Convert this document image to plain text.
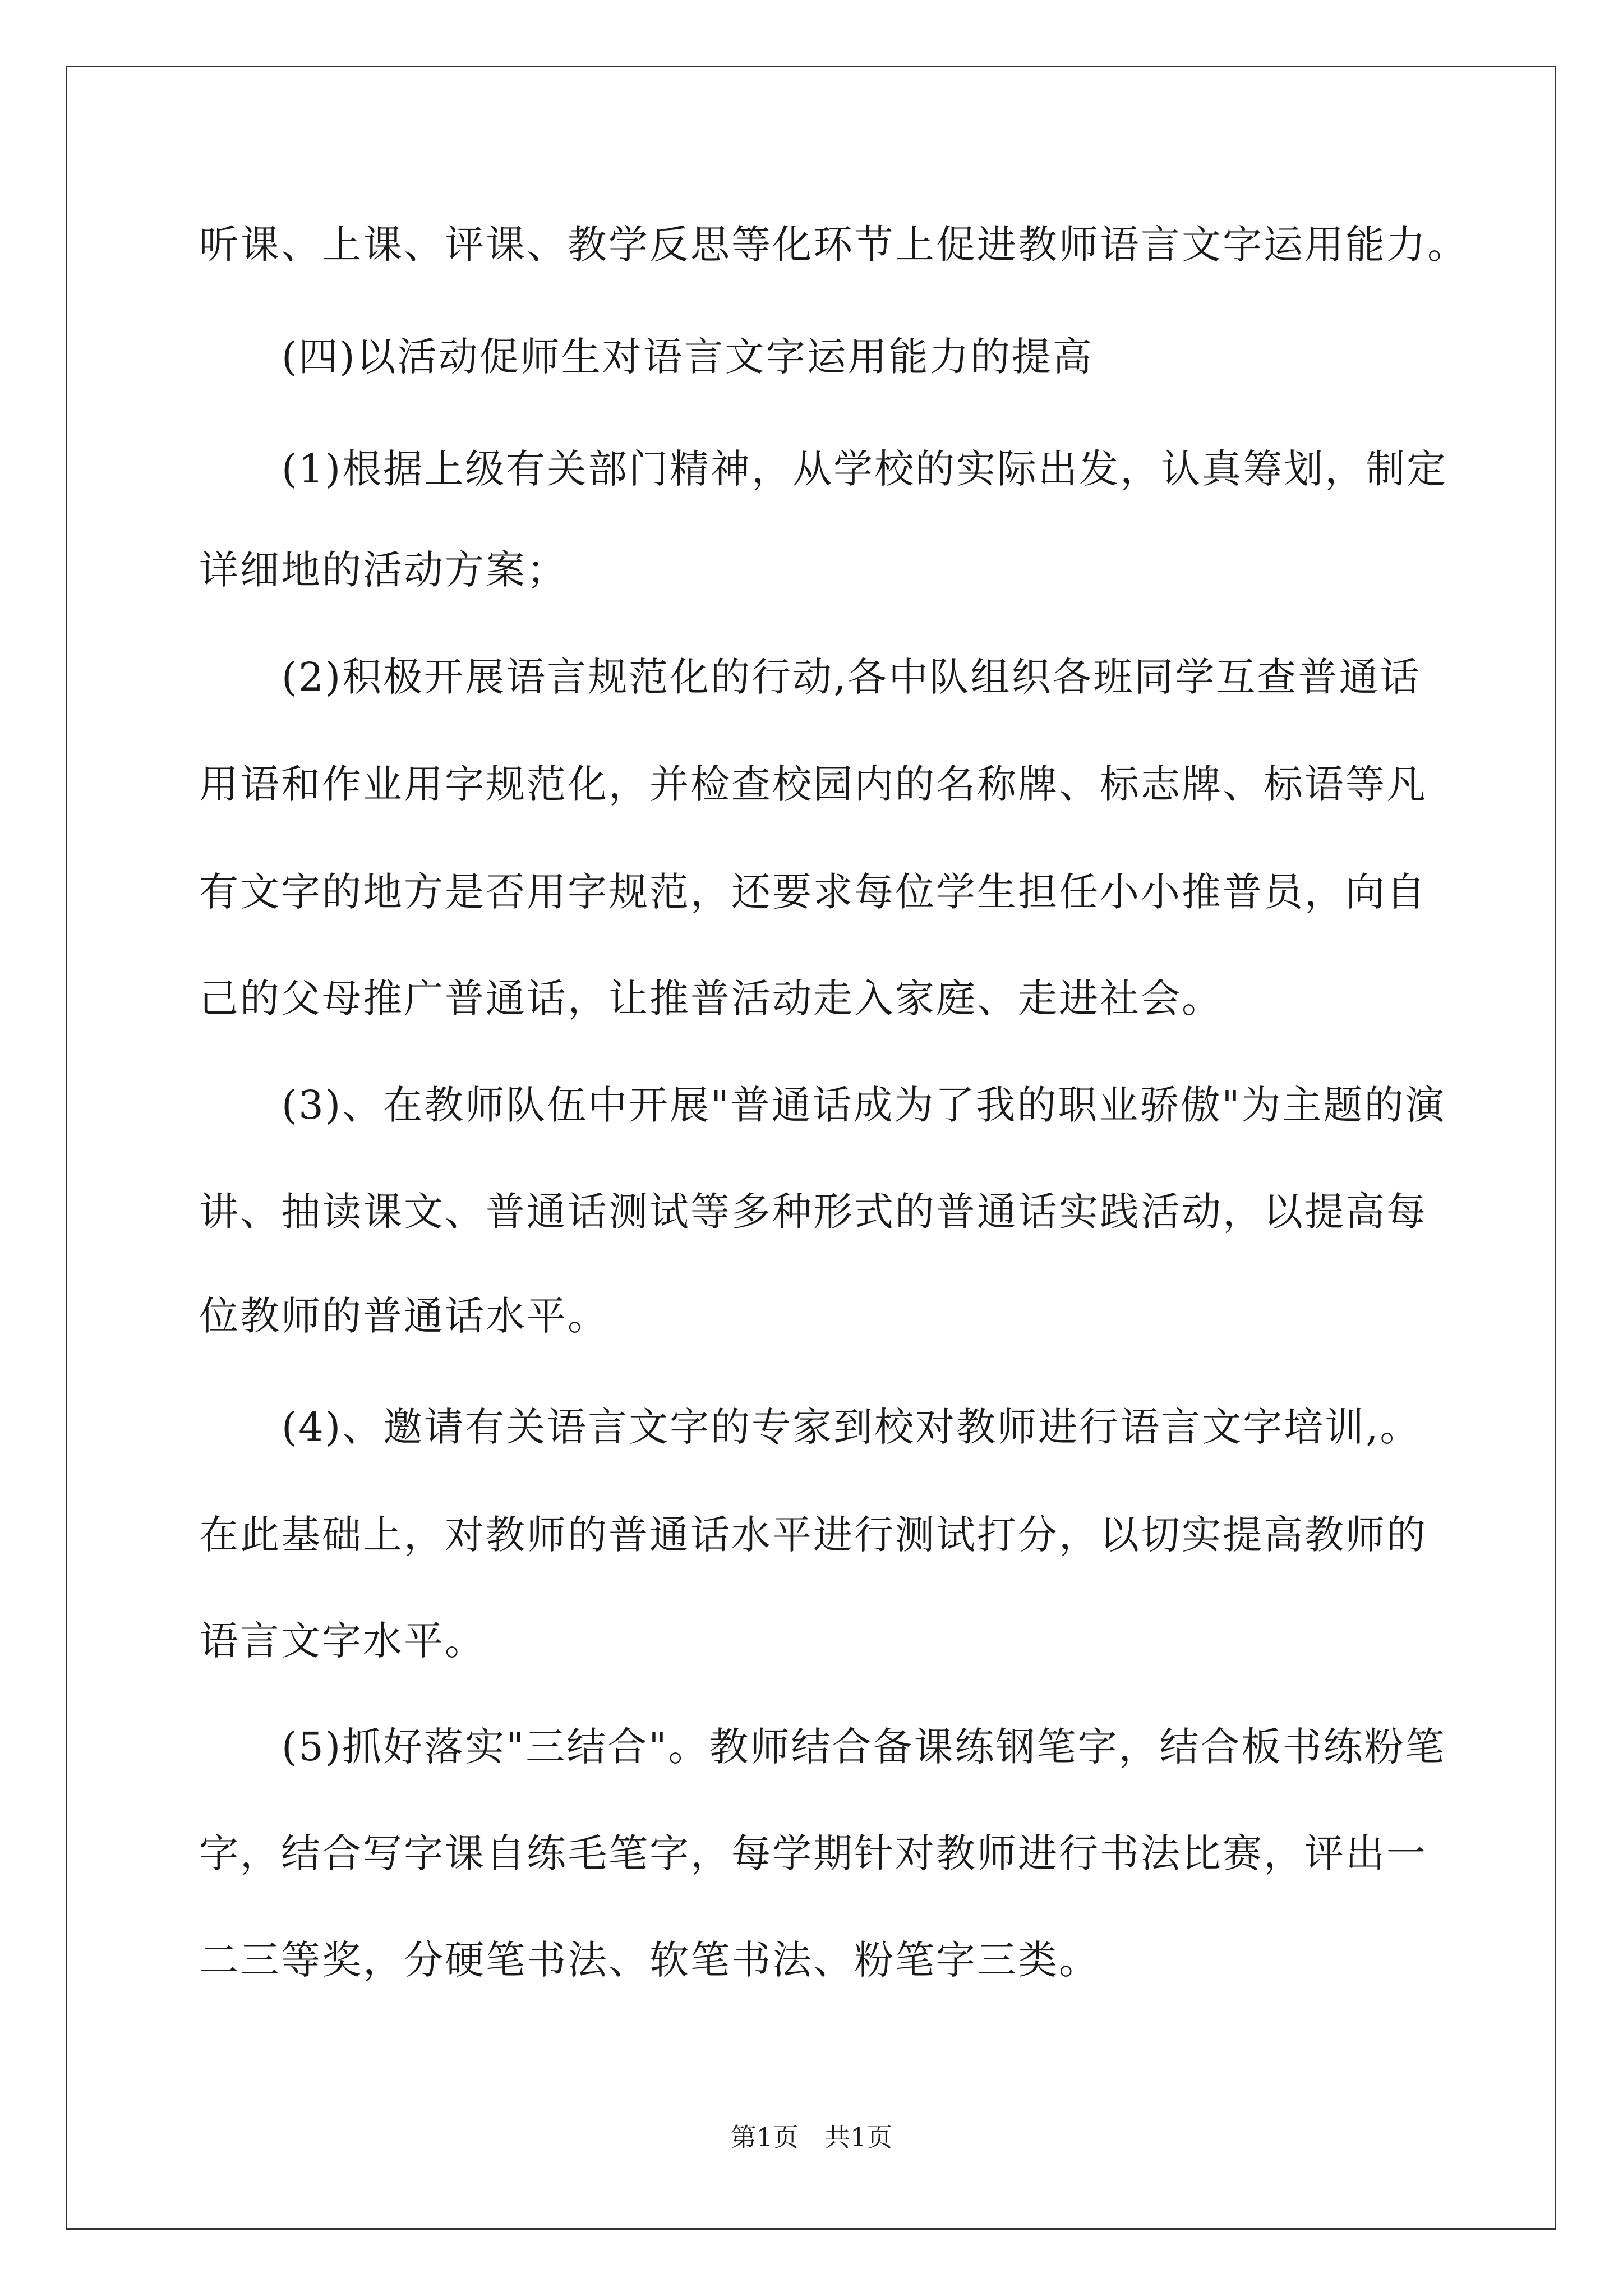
听课、上课、评课、教学反思等化环节上促进教师语言文字运用能力。
(四)以活动促师生对语言文字运用能力的提高
(1)根据上级有关部门精神，从学校的实际出发，认真筹划，制定
详细地的活动方案；
(2)积极开展语言规范化的行动,各中队组织各班同学互查普通话
用语和作业用字规范化，并检查校园内的名称牌、标志牌、标语等凡
有文字的地方是否用字规范，还要求每位学生担任小小推普员，向自
己的父母推广普通话，让推普活动走入家庭、走进社会。
(3)、在教师队伍中开展"普通话成为了我的职业骄傲"为主题的演
讲、抽读课文、普通话测试等多种形式的普通话实践活动，以提高每
位教师的普通话水平。
(4)、邀请有关语言文字的专家到校对教师进行语言文字培训,。
在此基础上，对教师的普通话水平进行测试打分，以切实提高教师的
语言文字水平。
(5)抓好落实"三结合"。教师结合备课练钢笔字，结合板书练粉笔
字，结合写字课自练毛笔字，每学期针对教师进行书法比赛，评出一
二三等奖，分硬笔书法、软笔书法、粉笔字三类。
第1页　共1页
